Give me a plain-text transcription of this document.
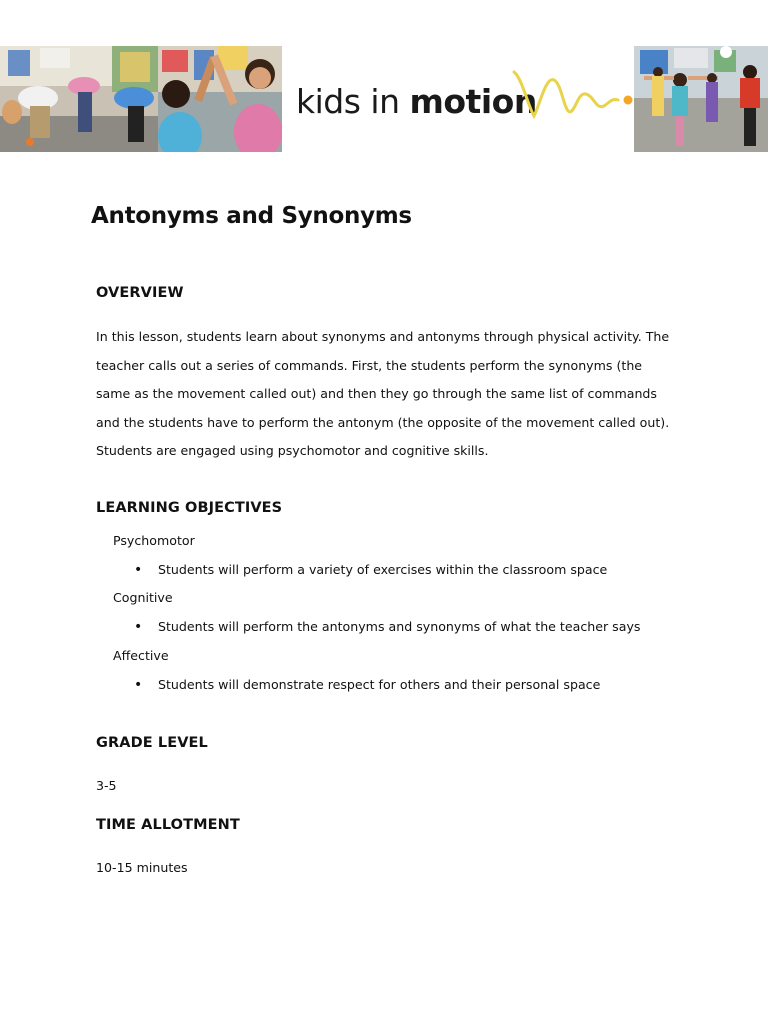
kids in motion
Antonyms and Synonyms
OVERVIEW
In this lesson, students learn about synonyms and antonyms through physical activity. The
teacher calls out a series of commands. First, the students perform the synonyms (the
same as the movement called out) and then they go through the same list of commands
and the students have to perform the antonym (the opposite of the movement called out).
Students are engaged using psychomotor and cognitive skills.
LEARNING OBJECTIVES
Psychomotor
• Students will perform a variety of exercises within the classroom space
Cognitive
• Students will perform the antonyms and synonyms of what the teacher says
Affective
• Students will demonstrate respect for others and their personal space
GRADE LEVEL
3-5
TIME ALLOTMENT
10-15 minutes
